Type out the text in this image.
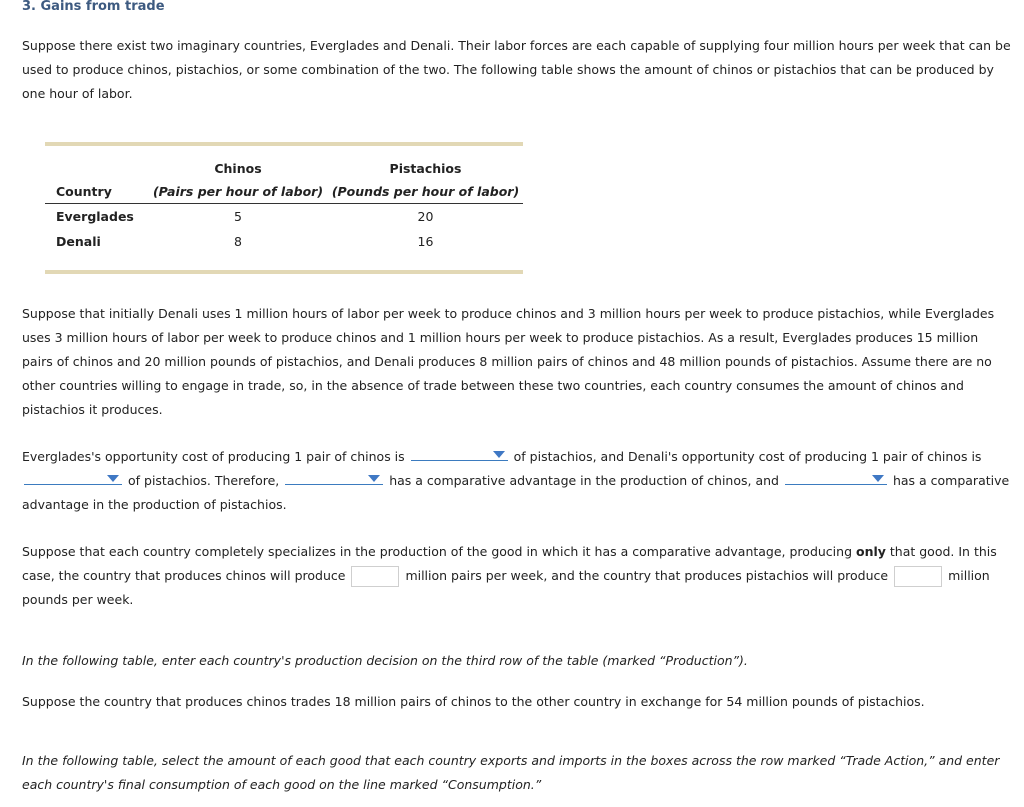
3. Gains from trade
Suppose there exist two imaginary countries, Everglades and Denali. Their labor forces are each capable of supplying four million hours per week that can be used to produce chinos, pistachios, or some combination of the two. The following table shows the amount of chinos or pistachios that can be produced by one hour of labor.
	Chinos	Pistachios
Country	(Pairs per hour of labor)	(Pounds per hour of labor)
Everglades	5	20
Denali	8	16

Suppose that initially Denali uses 1 million hours of labor per week to produce chinos and 3 million hours per week to produce pistachios, while Everglades uses 3 million hours of labor per week to produce chinos and 1 million hours per week to produce pistachios. As a result, Everglades produces 15 million pairs of chinos and 20 million pounds of pistachios, and Denali produces 8 million pairs of chinos and 48 million pounds of pistachios. Assume there are no other countries willing to engage in trade, so, in the absence of trade between these two countries, each country consumes the amount of chinos and pistachios it produces.
Everglades's opportunity cost of producing 1 pair of chinos is	of pistachios, and Denali's opportunity cost of producing 1 pair of chinos is
of pistachios. Therefore,	has a comparative advantage in the production of chinos, and	has a comparative advantage in the production of pistachios.
Suppose that each country completely specializes in the production of the good in which it has a comparative advantage, producing only that good. In this case, the country that produces chinos will produce	million pairs per week, and the country that produces pistachios will produce	million pounds per week.
In the following table, enter each country's production decision on the third row of the table (marked “Production”).
Suppose the country that produces chinos trades 18 million pairs of chinos to the other country in exchange for 54 million pounds of pistachios.
In the following table, select the amount of each good that each country exports and imports in the boxes across the row marked “Trade Action,” and enter each country's final consumption of each good on the line marked “Consumption.”
